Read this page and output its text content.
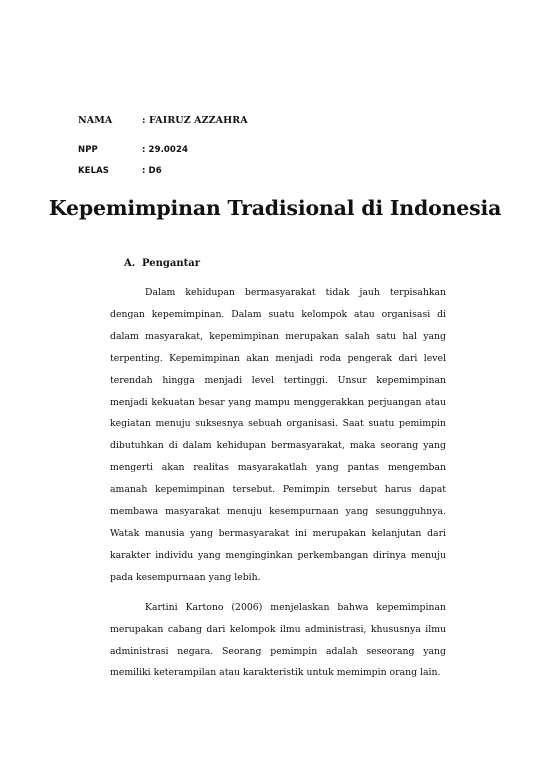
NAMA	: FAIRUZ AZZAHRA
NPP	: 29.0024
KELAS	: D6
Kepemimpinan Tradisional di Indonesia
A. Pengantar

Dalam kehidupan bermasyarakat tidak jauh terpisahkan dengan kepemimpinan. Dalam suatu kelompok atau organisasi di dalam masyarakat, kepemimpinan merupakan salah satu hal yang terpenting. Kepemimpinan akan menjadi roda pengerak dari level terendah hingga menjadi level tertinggi. Unsur kepemimpinan menjadi kekuatan besar yang mampu menggerakkan perjuangan atau kegiatan menuju suksesnya sebuah organisasi. Saat suatu pemimpin dibutuhkan di dalam kehidupan bermasyarakat, maka seorang yang mengerti akan realitas masyarakatlah yang pantas mengemban amanah kepemimpinan tersebut. Pemimpin tersebut harus dapat membawa masyarakat menuju kesempurnaan yang sesungguhnya. Watak manusia yang bermasyarakat ini merupakan kelanjutan dari karakter individu yang menginginkan perkembangan dirinya menuju pada kesempurnaan yang lebih.

Kartini Kartono (2006) menjelaskan bahwa kepemimpinan merupakan cabang dari kelompok ilmu administrasi, khususnya ilmu administrasi negara. Seorang pemimpin adalah seseorang yang memiliki keterampilan atau karakteristik untuk memimpin orang lain.
